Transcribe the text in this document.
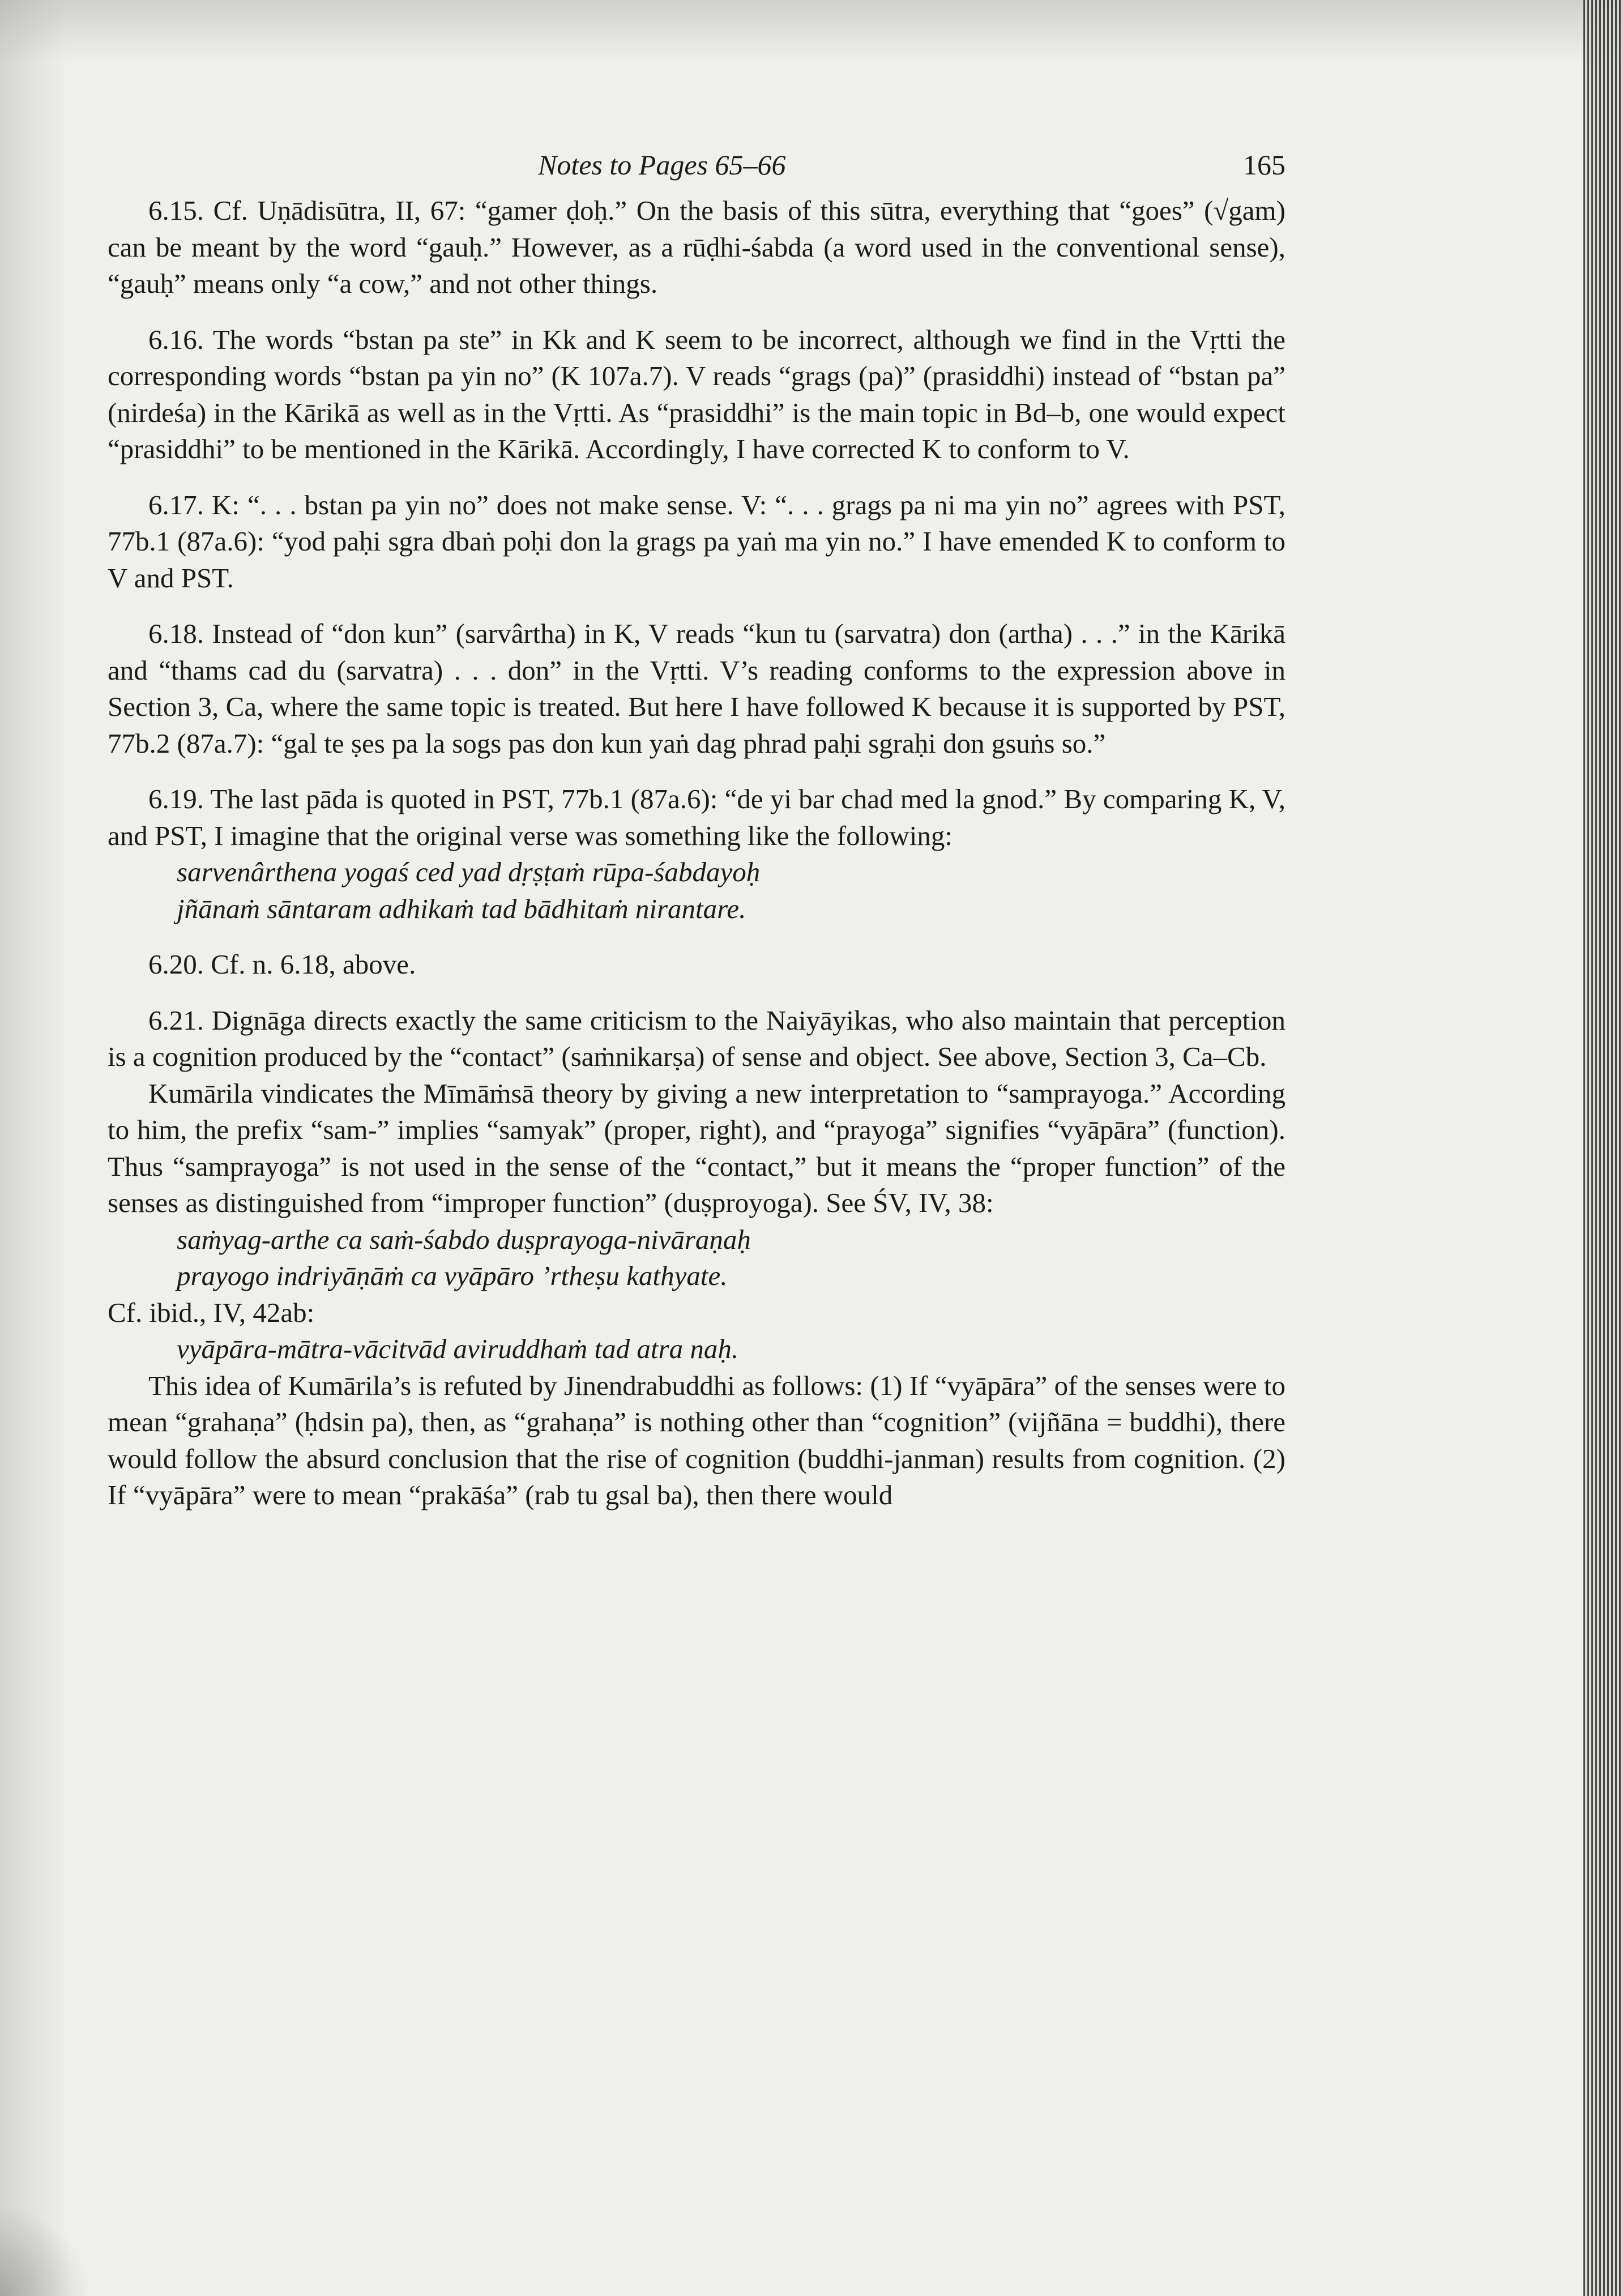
Notes to Pages 65–66	165

6.15. Cf. Uṇādisūtra, II, 67: “gamer ḍoḥ.” On the basis of this sūtra, everything that “goes” (√gam) can be meant by the word “gauḥ.” However, as a rūḍhi-śabda (a word used in the conventional sense), “gauḥ” means only “a cow,” and not other things.

6.16. The words “bstan pa ste” in Kk and K seem to be incorrect, although we find in the Vṛtti the corresponding words “bstan pa yin no” (K 107a.7). V reads “grags (pa)” (prasiddhi) instead of “bstan pa” (nirdeśa) in the Kārikā as well as in the Vṛtti. As “prasiddhi” is the main topic in Bd–b, one would expect “prasiddhi” to be mentioned in the Kārikā. Accordingly, I have corrected K to conform to V.

6.17. K: “. . . bstan pa yin no” does not make sense. V: “. . . grags pa ni ma yin no” agrees with PST, 77b.1 (87a.6): “yod paḥi sgra dbaṅ poḥi don la grags pa yaṅ ma yin no.” I have emended K to conform to V and PST.

6.18. Instead of “don kun” (sarvârtha) in K, V reads “kun tu (sarvatra) don (artha) . . .” in the Kārikā and “thams cad du (sarvatra) . . . don” in the Vṛtti. V’s reading conforms to the expression above in Section 3, Ca, where the same topic is treated. But here I have followed K because it is supported by PST, 77b.2 (87a.7): “gal te ṣes pa la sogs pas don kun yaṅ dag phrad paḥi sgraḥi don gsuṅs so.”

6.19. The last pāda is quoted in PST, 77b.1 (87a.6): “de yi bar chad med la gnod.” By comparing K, V, and PST, I imagine that the original verse was something like the following:

sarvenârthena yogaś ced yad dṛṣṭaṁ rūpa-śabdayoḥ
jñānaṁ sāntaram adhikaṁ tad bādhitaṁ nirantare.

6.20. Cf. n. 6.18, above.

6.21. Dignāga directs exactly the same criticism to the Naiyāyikas, who also maintain that perception is a cognition produced by the “contact” (saṁnikarṣa) of sense and object. See above, Section 3, Ca–Cb.

Kumārila vindicates the Mīmāṁsā theory by giving a new interpretation to “samprayoga.” According to him, the prefix “sam-” implies “samyak” (proper, right), and “prayoga” signifies “vyāpāra” (function). Thus “samprayoga” is not used in the sense of the “contact,” but it means the “proper function” of the senses as distinguished from “improper function” (duṣproyoga). See ŚV, IV, 38:

saṁyag-arthe ca saṁ-śabdo duṣprayoga-nivāraṇaḥ
prayogo indriyāṇāṁ ca vyāpāro ’rtheṣu kathyate.

Cf. ibid., IV, 42ab:

vyāpāra-mātra-vācitvād aviruddhaṁ tad atra naḥ.

This idea of Kumārila’s is refuted by Jinendrabuddhi as follows: (1) If “vyāpāra” of the senses were to mean “grahaṇa” (ḥdsin pa), then, as “grahaṇa” is nothing other than “cognition” (vijñāna = buddhi), there would follow the absurd conclusion that the rise of cognition (buddhi-janman) results from cognition. (2) If “vyāpāra” were to mean “prakāśa” (rab tu gsal ba), then there would
